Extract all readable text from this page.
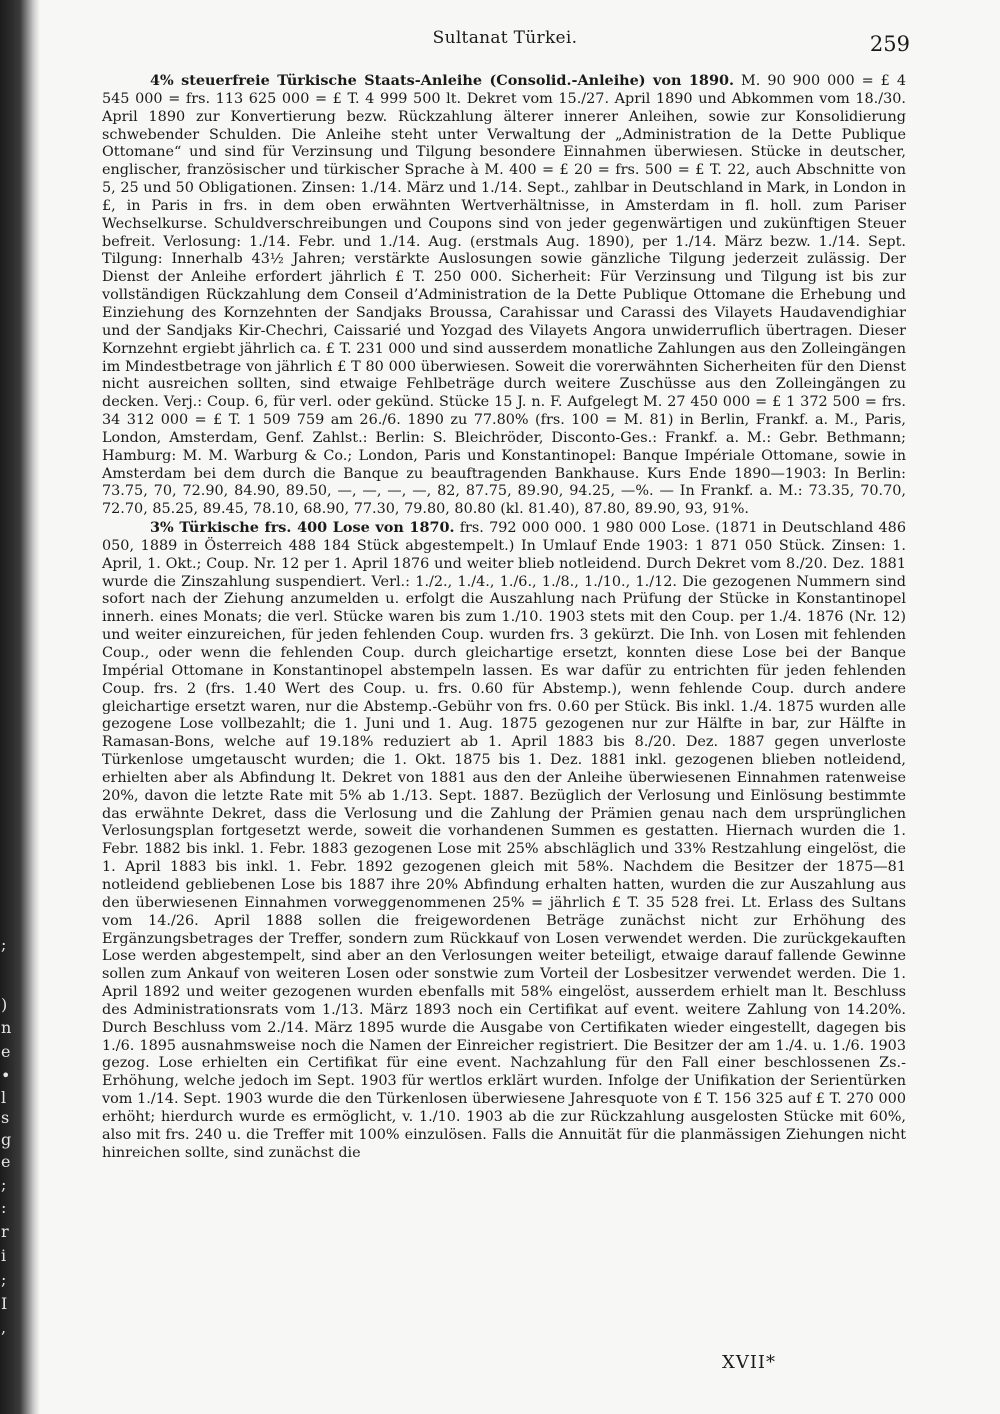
;
)
n
e
•
l
s
g
e
;
:
r
i
;
I
,
Sultanat Türkei.	259

4% steuerfreie Türkische Staats-Anleihe (Consolid.-Anleihe) von 1890. M. 90 900 000 = £ 4 545 000 = frs. 113 625 000 = £ T. 4 999 500 lt. Dekret vom 15./27. April 1890 und Abkommen vom 18./30. April 1890 zur Konvertierung bezw. Rückzahlung älterer innerer Anleihen, sowie zur Konsolidierung schwebender Schulden. Die Anleihe steht unter Verwaltung der „Administration de la Dette Publique Ottomane“ und sind für Verzinsung und Tilgung besondere Einnahmen überwiesen. Stücke in deutscher, englischer, französischer und türkischer Sprache à M. 400 = £ 20 = frs. 500 = £ T. 22, auch Abschnitte von 5, 25 und 50 Obligationen. Zinsen: 1./14. März und 1./14. Sept., zahlbar in Deutschland in Mark, in London in £, in Paris in frs. in dem oben erwähnten Wertverhältnisse, in Amsterdam in fl. holl. zum Pariser Wechselkurse. Schuldverschreibungen und Coupons sind von jeder gegenwärtigen und zukünftigen Steuer befreit. Verlosung: 1./14. Febr. und 1./14. Aug. (erstmals Aug. 1890), per 1./14. März bezw. 1./14. Sept. Tilgung: Innerhalb 43½ Jahren; verstärkte Auslosungen sowie gänzliche Tilgung jederzeit zulässig. Der Dienst der Anleihe erfordert jährlich £ T. 250 000. Sicherheit: Für Verzinsung und Tilgung ist bis zur vollständigen Rückzahlung dem Conseil d’Administration de la Dette Publique Ottomane die Erhebung und Einziehung des Kornzehnten der Sandjaks Broussa, Carahissar und Carassi des Vilayets Haudavendighiar und der Sandjaks Kir-Chechri, Caissarié und Yozgad des Vilayets Angora unwiderruflich übertragen. Dieser Kornzehnt ergiebt jährlich ca. £ T. 231 000 und sind ausserdem monatliche Zahlungen aus den Zolleingängen im Mindestbetrage von jährlich £ T 80 000 überwiesen. Soweit die vorerwähnten Sicherheiten für den Dienst nicht ausreichen sollten, sind etwaige Fehlbeträge durch weitere Zuschüsse aus den Zolleingängen zu decken. Verj.: Coup. 6, für verl. oder gekünd. Stücke 15 J. n. F. Aufgelegt M. 27 450 000 = £ 1 372 500 = frs. 34 312 000 = £ T. 1 509 759 am 26./6. 1890 zu 77.80% (frs. 100 = M. 81) in Berlin, Frankf. a. M., Paris, London, Amsterdam, Genf. Zahlst.: Berlin: S. Bleichröder, Disconto-Ges.: Frankf. a. M.: Gebr. Bethmann; Hamburg: M. M. Warburg & Co.; London, Paris und Konstantinopel: Banque Impériale Ottomane, sowie in Amsterdam bei dem durch die Banque zu beauftragenden Bankhause. Kurs Ende 1890—1903: In Berlin: 73.75, 70, 72.90, 84.90, 89.50, —, —, —, —, 82, 87.75, 89.90, 94.25, —%. — In Frankf. a. M.: 73.35, 70.70, 72.70, 85.25, 89.45, 78.10, 68.90, 77.30, 79.80, 80.80 (kl. 81.40), 87.80, 89.90, 93, 91%.

3% Türkische frs. 400 Lose von 1870. frs. 792 000 000. 1 980 000 Lose. (1871 in Deutschland 486 050, 1889 in Österreich 488 184 Stück abgestempelt.) In Umlauf Ende 1903: 1 871 050 Stück. Zinsen: 1. April, 1. Okt.; Coup. Nr. 12 per 1. April 1876 und weiter blieb notleidend. Durch Dekret vom 8./20. Dez. 1881 wurde die Zinszahlung suspendiert. Verl.: 1./2., 1./4., 1./6., 1./8., 1./10., 1./12. Die gezogenen Nummern sind sofort nach der Ziehung anzumelden u. erfolgt die Auszahlung nach Prüfung der Stücke in Konstantinopel innerh. eines Monats; die verl. Stücke waren bis zum 1./10. 1903 stets mit den Coup. per 1./4. 1876 (Nr. 12) und weiter einzureichen, für jeden fehlenden Coup. wurden frs. 3 gekürzt. Die Inh. von Losen mit fehlenden Coup., oder wenn die fehlenden Coup. durch gleichartige ersetzt, konnten diese Lose bei der Banque Impérial Ottomane in Konstantinopel abstempeln lassen. Es war dafür zu entrichten für jeden fehlenden Coup. frs. 2 (frs. 1.40 Wert des Coup. u. frs. 0.60 für Abstemp.), wenn fehlende Coup. durch andere gleichartige ersetzt waren, nur die Abstemp.-Gebühr von frs. 0.60 per Stück. Bis inkl. 1./4. 1875 wurden alle gezogene Lose vollbezahlt; die 1. Juni und 1. Aug. 1875 gezogenen nur zur Hälfte in bar, zur Hälfte in Ramasan-Bons, welche auf 19.18% reduziert ab 1. April 1883 bis 8./20. Dez. 1887 gegen unverloste Türkenlose umgetauscht wurden; die 1. Okt. 1875 bis 1. Dez. 1881 inkl. gezogenen blieben notleidend, erhielten aber als Abfindung lt. Dekret von 1881 aus den der Anleihe überwiesenen Einnahmen ratenweise 20%, davon die letzte Rate mit 5% ab 1./13. Sept. 1887. Bezüglich der Verlosung und Einlösung bestimmte das erwähnte Dekret, dass die Verlosung und die Zahlung der Prämien genau nach dem ursprünglichen Verlosungsplan fortgesetzt werde, soweit die vorhandenen Summen es gestatten. Hiernach wurden die 1. Febr. 1882 bis inkl. 1. Febr. 1883 gezogenen Lose mit 25% abschläglich und 33% Restzahlung eingelöst, die 1. April 1883 bis inkl. 1. Febr. 1892 gezogenen gleich mit 58%. Nachdem die Besitzer der 1875—81 notleidend gebliebenen Lose bis 1887 ihre 20% Abfindung erhalten hatten, wurden die zur Auszahlung aus den überwiesenen Einnahmen vorweggenommenen 25% = jährlich £ T. 35 528 frei. Lt. Erlass des Sultans vom 14./26. April 1888 sollen die freigewordenen Beträge zunächst nicht zur Erhöhung des Ergänzungsbetrages der Treffer, sondern zum Rückkauf von Losen verwendet werden. Die zurückgekauften Lose werden abgestempelt, sind aber an den Verlosungen weiter beteiligt, etwaige darauf fallende Gewinne sollen zum Ankauf von weiteren Losen oder sonstwie zum Vorteil der Losbesitzer verwendet werden. Die 1. April 1892 und weiter gezogenen wurden ebenfalls mit 58% eingelöst, ausserdem erhielt man lt. Beschluss des Administrationsrats vom 1./13. März 1893 noch ein Certifikat auf event. weitere Zahlung von 14.20%. Durch Beschluss vom 2./14. März 1895 wurde die Ausgabe von Certifikaten wieder eingestellt, dagegen bis 1./6. 1895 ausnahmsweise noch die Namen der Einreicher registriert. Die Besitzer der am 1./4. u. 1./6. 1903 gezog. Lose erhielten ein Certifikat für eine event. Nachzahlung für den Fall einer beschlossenen Zs.-Erhöhung, welche jedoch im Sept. 1903 für wertlos erklärt wurden. Infolge der Unifikation der Serientürken vom 1./14. Sept. 1903 wurde die den Türkenlosen überwiesene Jahresquote von £ T. 156 325 auf £ T. 270 000 erhöht; hierdurch wurde es ermöglicht, v. 1./10. 1903 ab die zur Rückzahlung ausgelosten Stücke mit 60%, also mit frs. 240 u. die Treffer mit 100% einzulösen. Falls die Annuität für die planmässigen Ziehungen nicht hinreichen sollte, sind zunächst die

XVII*
